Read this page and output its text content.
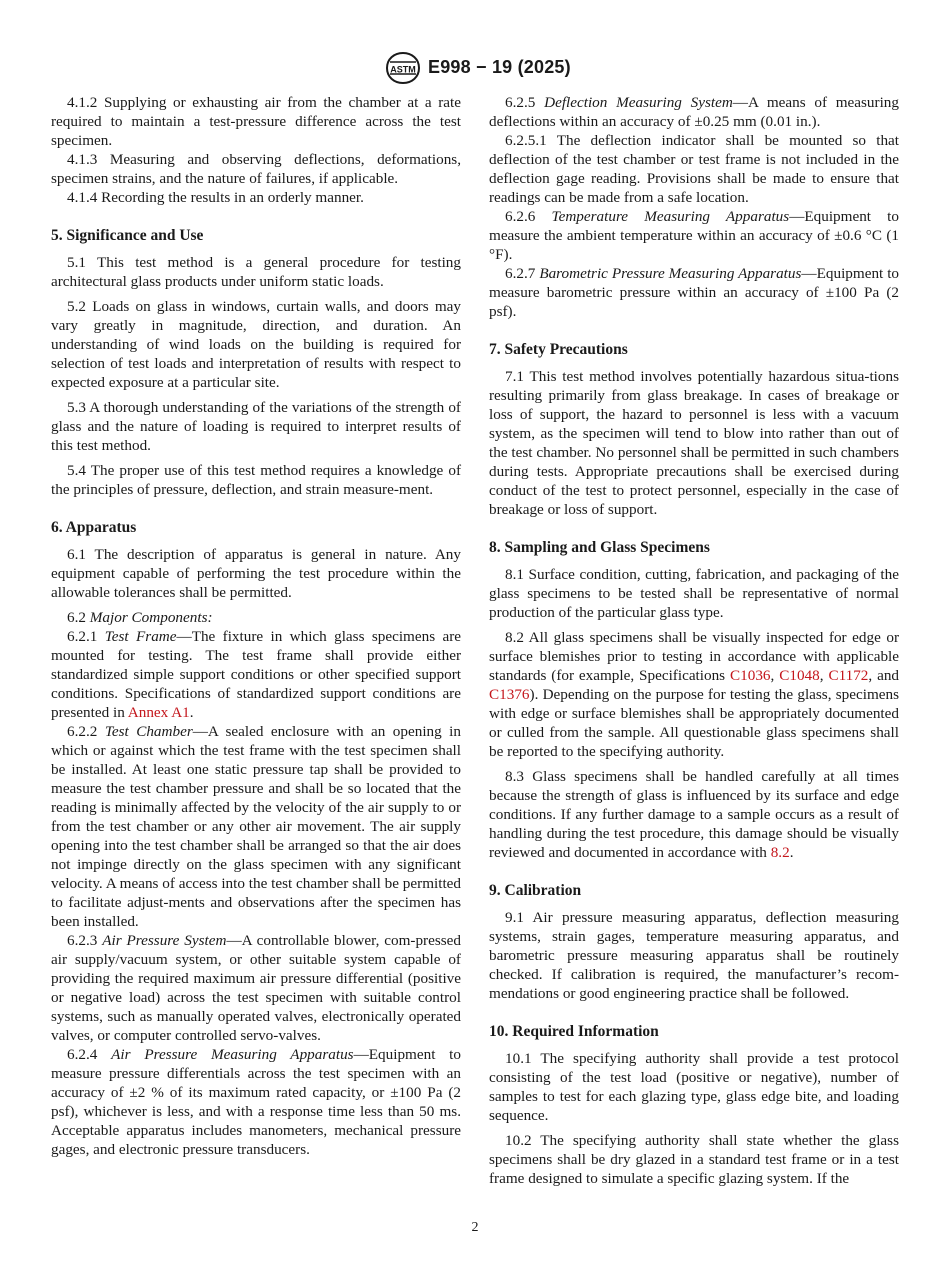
ASTM E998 − 19 (2025)

4.1.2 Supplying or exhausting air from the chamber at a rate required to maintain a test-pressure difference across the test specimen.

4.1.3 Measuring and observing deflections, deformations, specimen strains, and the nature of failures, if applicable.

4.1.4 Recording the results in an orderly manner.

5. Significance and Use

5.1 This test method is a general procedure for testing architectural glass products under uniform static loads.

5.2 Loads on glass in windows, curtain walls, and doors may vary greatly in magnitude, direction, and duration. An understanding of wind loads on the building is required for selection of test loads and interpretation of results with respect to expected exposure at a particular site.

5.3 A thorough understanding of the variations of the strength of glass and the nature of loading is required to interpret results of this test method.

5.4 The proper use of this test method requires a knowledge of the principles of pressure, deflection, and strain measure-ment.

6. Apparatus

6.1 The description of apparatus is general in nature. Any equipment capable of performing the test procedure within the allowable tolerances shall be permitted.

6.2 Major Components:

6.2.1 Test Frame—The fixture in which glass specimens are mounted for testing. The test frame shall provide either standardized simple support conditions or other specified support conditions. Specifications of standardized support conditions are presented in Annex A1.

6.2.2 Test Chamber—A sealed enclosure with an opening in which or against which the test frame with the test specimen shall be installed. At least one static pressure tap shall be provided to measure the test chamber pressure and shall be so located that the reading is minimally affected by the velocity of the air supply to or from the test chamber or any other air movement. The air supply opening into the test chamber shall be arranged so that the air does not impinge directly on the glass specimen with any significant velocity. A means of access into the test chamber shall be permitted to facilitate adjust-ments and observations after the specimen has been installed.

6.2.3 Air Pressure System—A controllable blower, com-pressed air supply/vacuum system, or other suitable system capable of providing the required maximum air pressure differential (positive or negative load) across the test specimen with suitable control systems, such as manually operated valves, electronically operated valves, or computer controlled servo-valves.

6.2.4 Air Pressure Measuring Apparatus—Equipment to measure pressure differentials across the test specimen with an accuracy of ±2 % of its maximum rated capacity, or ±100 Pa (2 psf), whichever is less, and with a response time less than 50 ms. Acceptable apparatus includes manometers, mechanical pressure gages, and electronic pressure transducers.

6.2.5 Deflection Measuring System—A means of measuring deflections within an accuracy of ±0.25 mm (0.01 in.).

6.2.5.1 The deflection indicator shall be mounted so that deflection of the test chamber or test frame is not included in the deflection gage reading. Provisions shall be made to ensure that readings can be made from a safe location.

6.2.6 Temperature Measuring Apparatus—Equipment to measure the ambient temperature within an accuracy of ±0.6 °C (1 °F).

6.2.7 Barometric Pressure Measuring Apparatus—Equipment to measure barometric pressure within an accuracy of ±100 Pa (2 psf).

7. Safety Precautions

7.1 This test method involves potentially hazardous situa-tions resulting primarily from glass breakage. In cases of breakage or loss of support, the hazard to personnel is less with a vacuum system, as the specimen will tend to blow into rather than out of the test chamber. No personnel shall be permitted in such chambers during tests. Appropriate precautions shall be exercised during conduct of the test to protect personnel, especially in the case of breakage or loss of support.

8. Sampling and Glass Specimens

8.1 Surface condition, cutting, fabrication, and packaging of the glass specimens to be tested shall be representative of normal production of the particular glass type.

8.2 All glass specimens shall be visually inspected for edge or surface blemishes prior to testing in accordance with applicable standards (for example, Specifications C1036, C1048, C1172, and C1376). Depending on the purpose for testing the glass, specimens with edge or surface blemishes shall be appropriately documented or culled from the sample. All questionable glass specimens shall be reported to the specifying authority.

8.3 Glass specimens shall be handled carefully at all times because the strength of glass is influenced by its surface and edge conditions. If any further damage to a sample occurs as a result of handling during the test procedure, this damage should be visually reviewed and documented in accordance with 8.2.

9. Calibration

9.1 Air pressure measuring apparatus, deflection measuring systems, strain gages, temperature measuring apparatus, and barometric pressure measuring apparatus shall be routinely checked. If calibration is required, the manufacturer’s recom-mendations or good engineering practice shall be followed.

10. Required Information

10.1 The specifying authority shall provide a test protocol consisting of the test load (positive or negative), number of samples to test for each glazing type, glass edge bite, and loading sequence.

10.2 The specifying authority shall state whether the glass specimens shall be dry glazed in a standard test frame or in a test frame designed to simulate a specific glazing system. If the

2
